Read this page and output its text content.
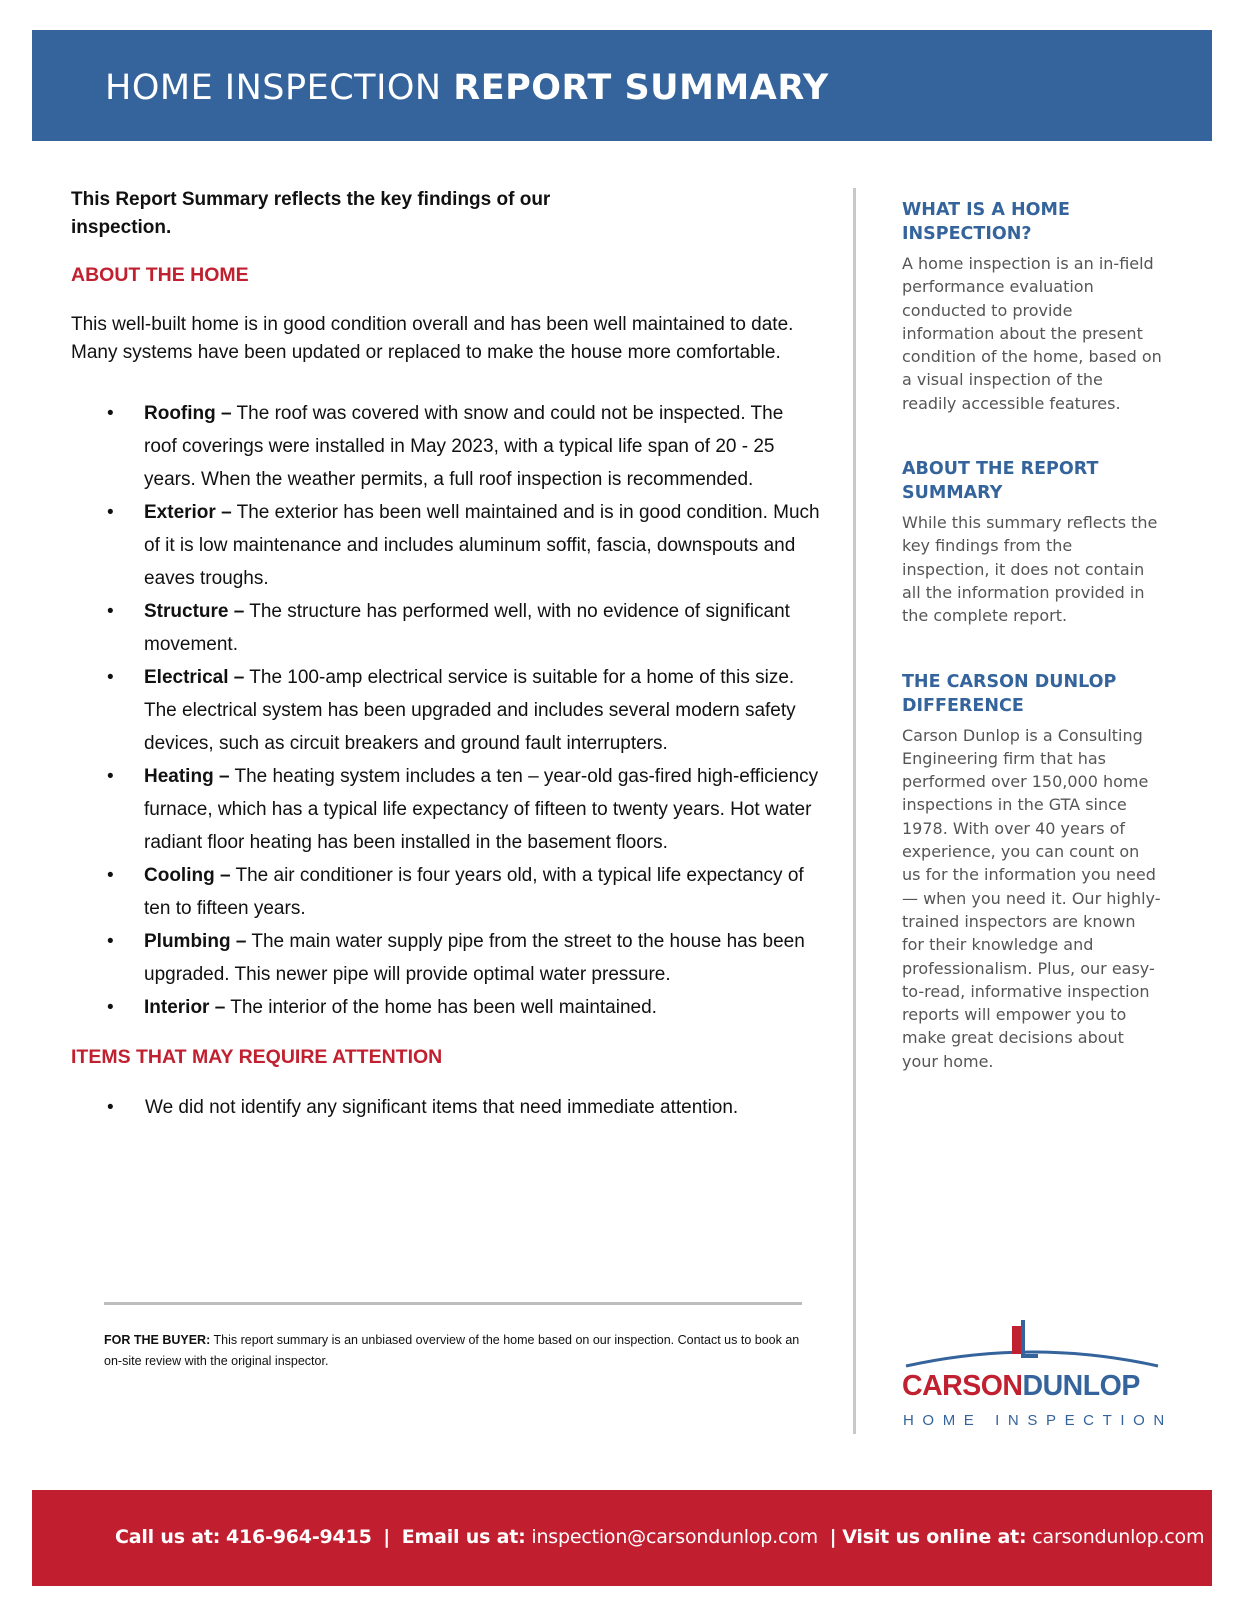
HOME INSPECTION REPORT SUMMARY

This Report Summary reflects the key findings of our inspection.

ABOUT THE HOME

This well-built home is in good condition overall and has been well maintained to date. Many systems have been updated or replaced to make the house more comfortable.

• Roofing – The roof was covered with snow and could not be inspected. The roof coverings were installed in May 2023, with a typical life span of 20 - 25 years. When the weather permits, a full roof inspection is recommended.
• Exterior – The exterior has been well maintained and is in good condition. Much of it is low maintenance and includes aluminum soffit, fascia, downspouts and eaves troughs.
• Structure – The structure has performed well, with no evidence of significant movement.
• Electrical – The 100-amp electrical service is suitable for a home of this size. The electrical system has been upgraded and includes several modern safety devices, such as circuit breakers and ground fault interrupters.
• Heating – The heating system includes a ten – year-old gas-fired high-efficiency furnace, which has a typical life expectancy of fifteen to twenty years. Hot water radiant floor heating has been installed in the basement floors.
• Cooling – The air conditioner is four years old, with a typical life expectancy of ten to fifteen years.
• Plumbing – The main water supply pipe from the street to the house has been upgraded. This newer pipe will provide optimal water pressure.
• Interior – The interior of the home has been well maintained.

ITEMS THAT MAY REQUIRE ATTENTION

• We did not identify any significant items that need immediate attention.
FOR THE BUYER: This report summary is an unbiased overview of the home based on our inspection. Contact us to book an on-site review with the original inspector.

WHAT IS A HOME INSPECTION?

A home inspection is an in-field performance evaluation conducted to provide information about the present condition of the home, based on a visual inspection of the readily accessible features.

ABOUT THE REPORT SUMMARY

While this summary reflects the key findings from the inspection, it does not contain all the information provided in the complete report.

THE CARSON DUNLOP DIFFERENCE

Carson Dunlop is a Consulting Engineering firm that has performed over 150,000 home inspections in the GTA since 1978. With over 40 years of experience, you can count on us for the information you need — when you need it. Our highly-trained inspectors are known for their knowledge and professionalism. Plus, our easy-to-read, informative inspection reports will empower you to make great decisions about your home.

CARSONDUNLOP
HOME INSPECTION
Call us at: 416-964-9415 | Email us at: inspection@carsondunlop.com | Visit us online at: carsondunlop.com
